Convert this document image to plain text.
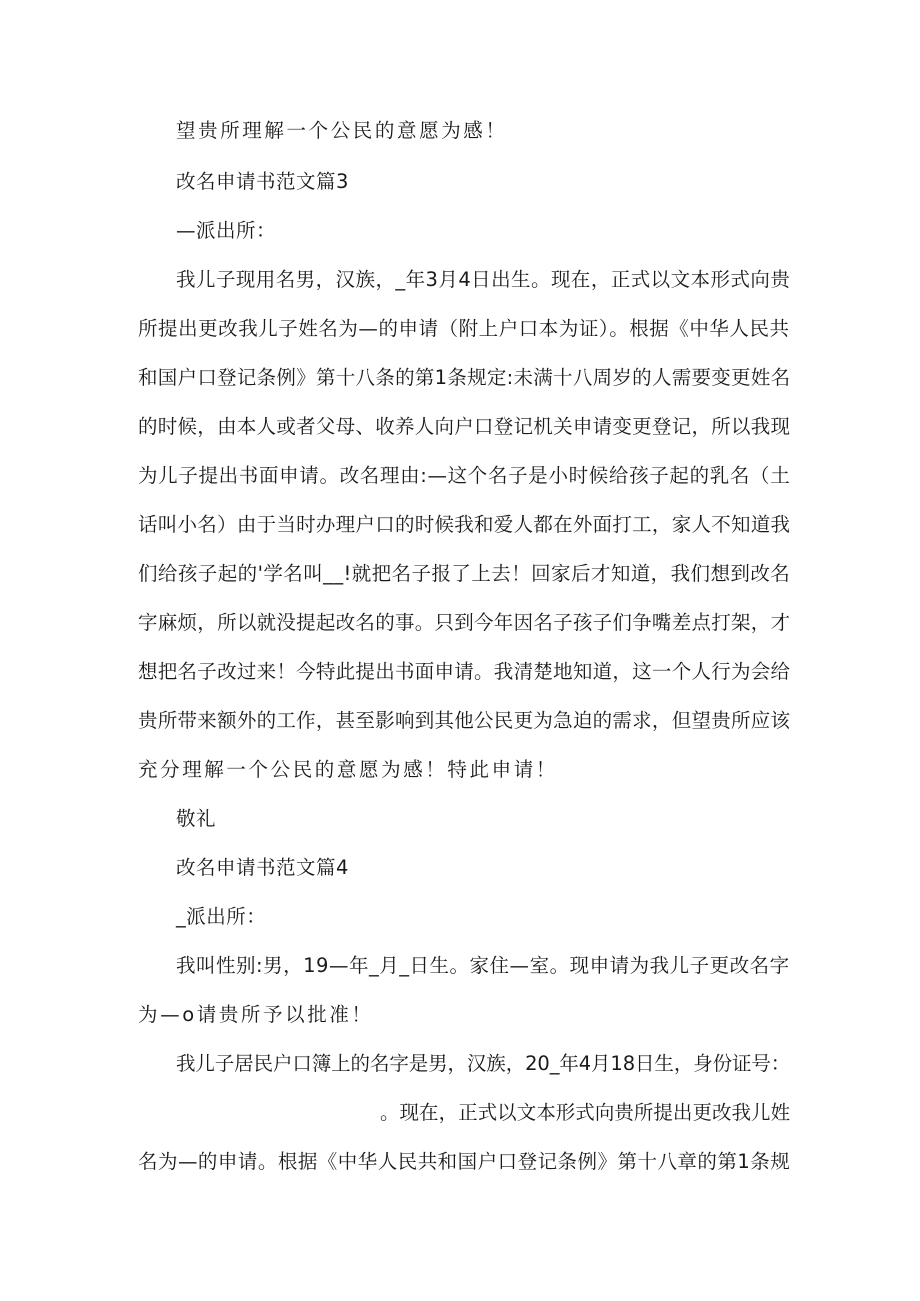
望贵所理解一个公民的意愿为感！
改名申请书范文篇3
—派出所：
我儿子现用名男，汉族，_年3月4日出生。现在，正式以文本形式向贵
所提出更改我儿子姓名为—的申请（附上户口本为证）。根据《中华人民共
和国户口登记条例》第十八条的第1条规定:未满十八周岁的人需要变更姓名
的时候，由本人或者父母、收养人向户口登记机关申请变更登记，所以我现
为儿子提出书面申请。改名理由:—这个名子是小时候给孩子起的乳名（土
话叫小名）由于当时办理户口的时候我和爱人都在外面打工，家人不知道我
们给孩子起的'学名叫__!就把名子报了上去！回家后才知道，我们想到改名
字麻烦，所以就没提起改名的事。只到今年因名子孩子们争嘴差点打架，才
想把名子改过来！今特此提出书面申请。我清楚地知道，这一个人行为会给
贵所带来额外的工作，甚至影响到其他公民更为急迫的需求，但望贵所应该
充分理解一个公民的意愿为感！特此申请！
敬礼
改名申请书范文篇4
_派出所：
我叫性别:男，19—年_月_日生。家住—室。现申请为我儿子更改名字
为—o请贵所予以批准！
我儿子居民户口簿上的名字是男，汉族，20_年4月18日生，身份证号：
。现在，正式以文本形式向贵所提出更改我儿姓
名为—的申请。根据《中华人民共和国户口登记条例》第十八章的第1条规
